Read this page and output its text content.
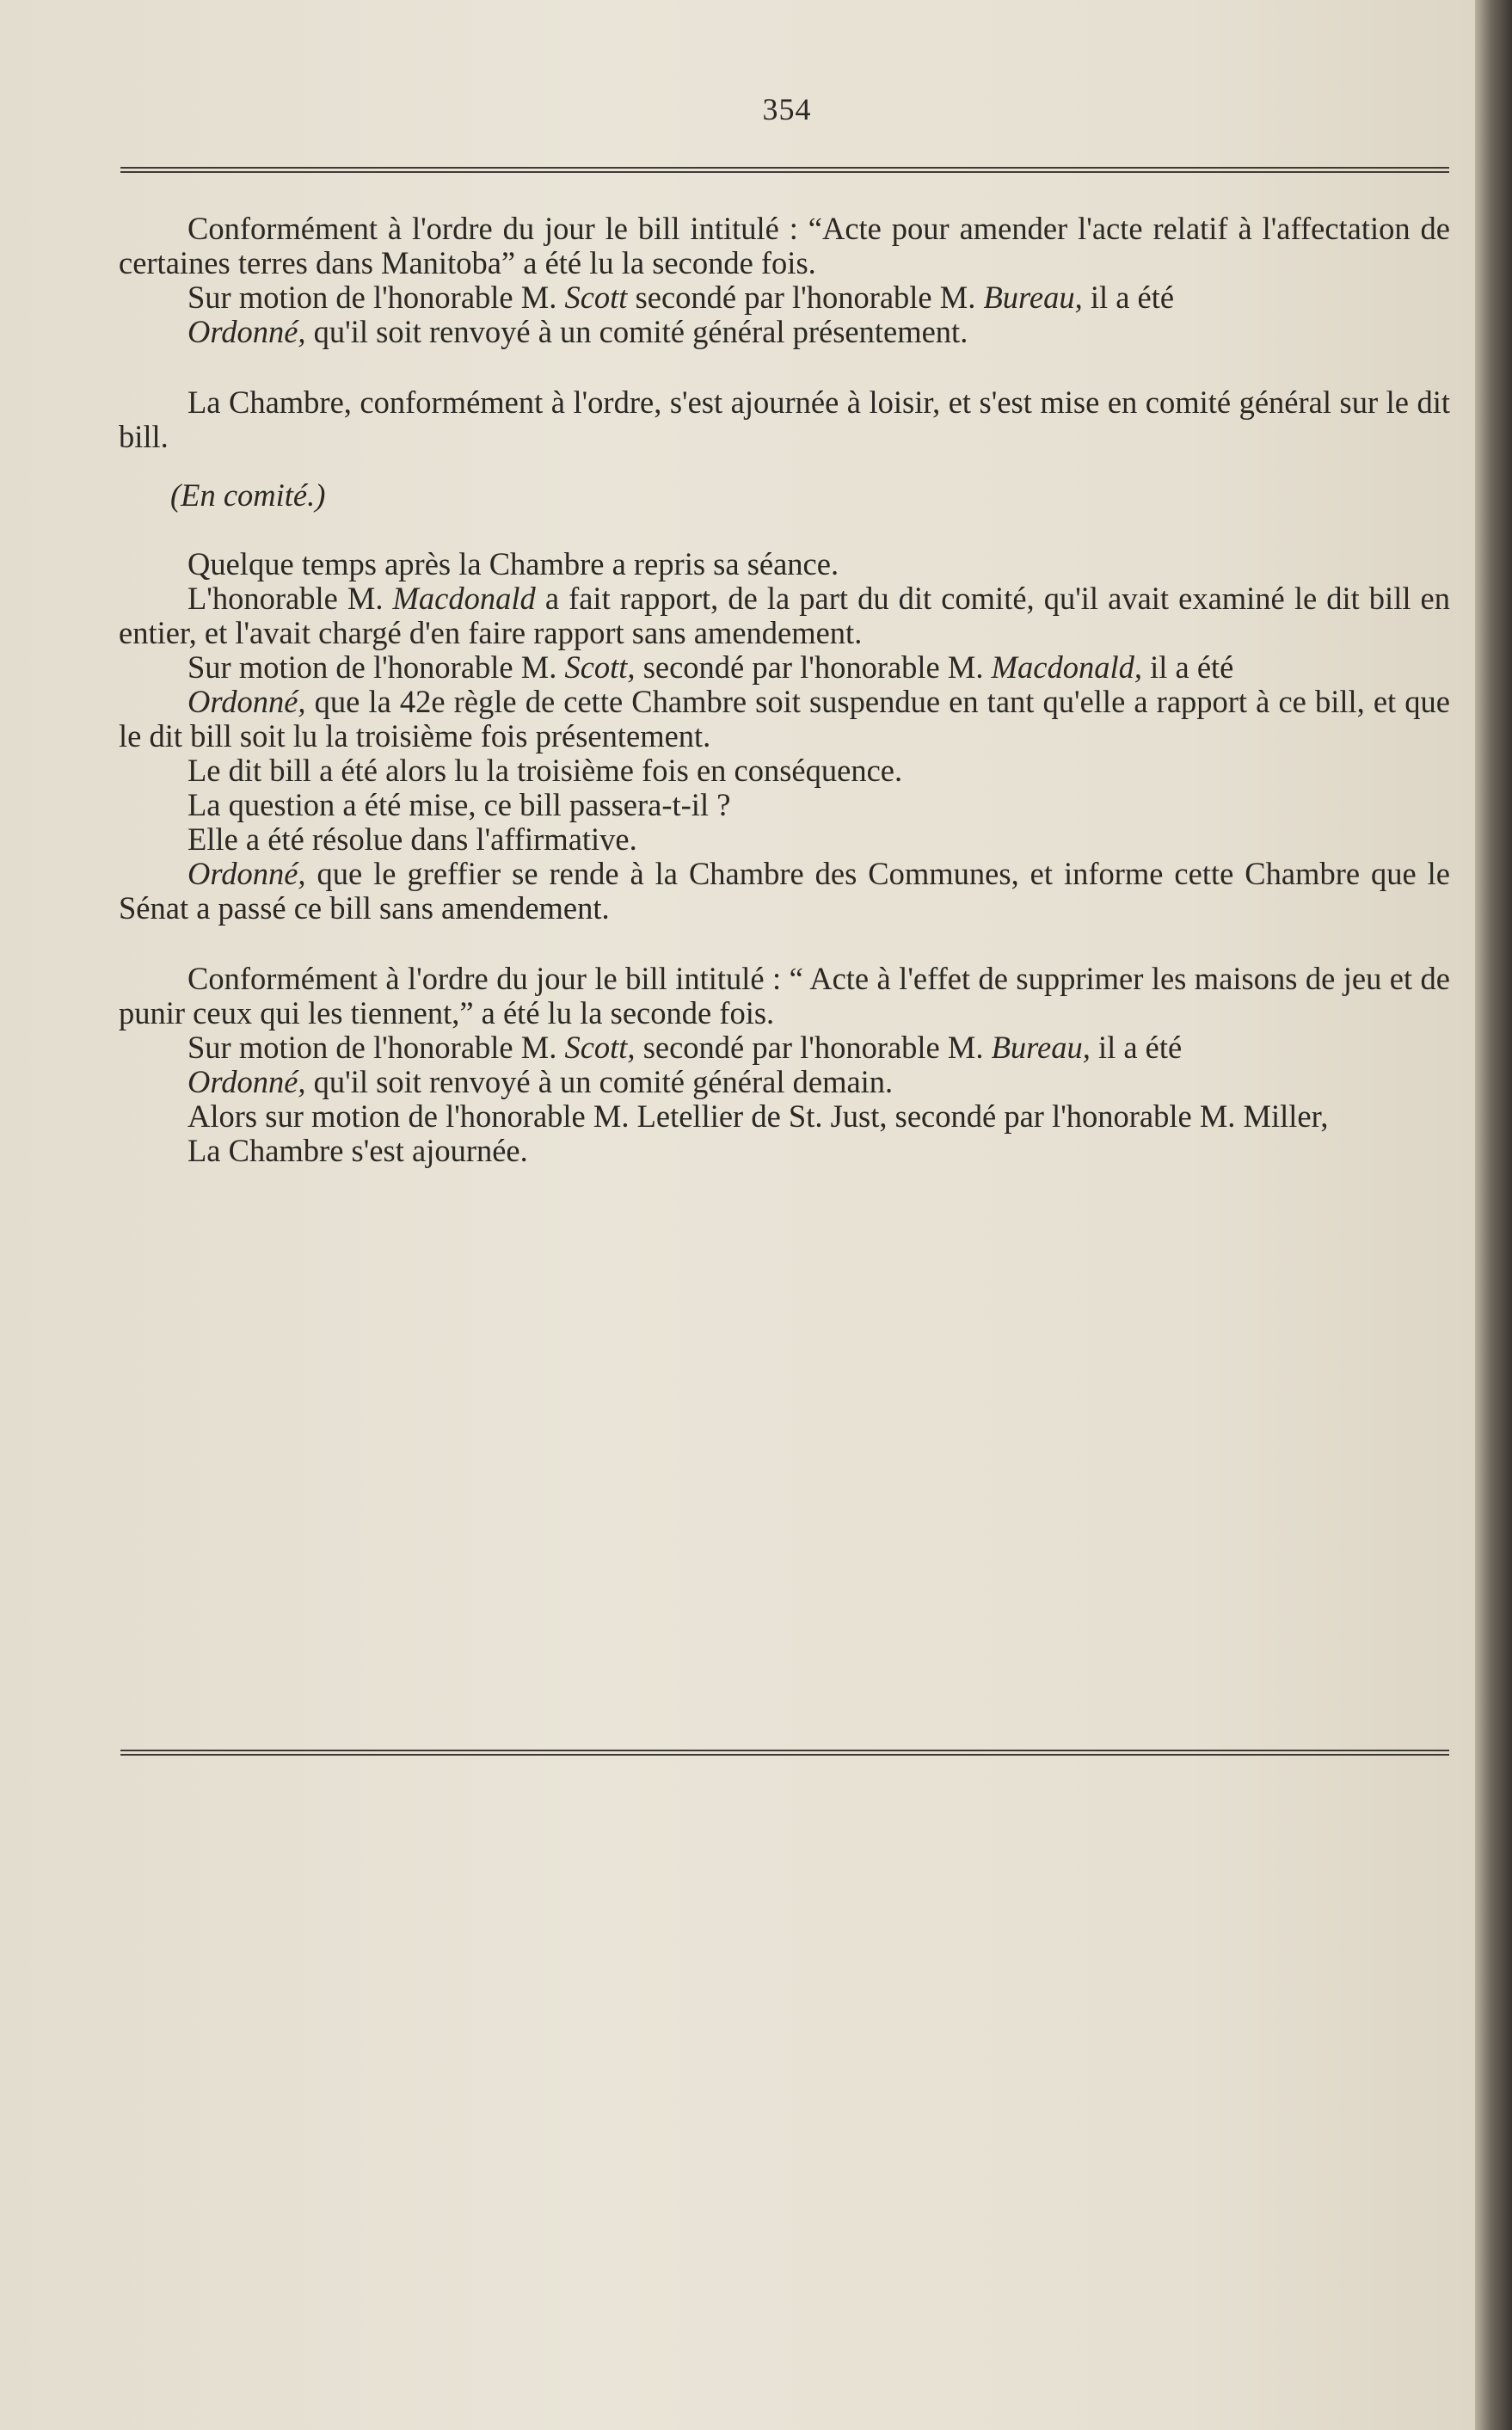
354

Conformément à l'ordre du jour le bill intitulé : “Acte pour amender l'acte relatif à l'affectation de certaines terres dans Manitoba” a été lu la seconde fois.

Sur motion de l'honorable M. Scott secondé par l'honorable M. Bureau, il a été

Ordonné, qu'il soit renvoyé à un comité général présentement.

La Chambre, conformément à l'ordre, s'est ajournée à loisir, et s'est mise en comité général sur le dit bill.

(En comité.)

Quelque temps après la Chambre a repris sa séance.

L'honorable M. Macdonald a fait rapport, de la part du dit comité, qu'il avait examiné le dit bill en entier, et l'avait chargé d'en faire rapport sans amendement.

Sur motion de l'honorable M. Scott, secondé par l'honorable M. Macdonald, il a été

Ordonné, que la 42e règle de cette Chambre soit suspendue en tant qu'elle a rapport à ce bill, et que le dit bill soit lu la troisième fois présentement.

Le dit bill a été alors lu la troisième fois en conséquence.

La question a été mise, ce bill passera-t-il ?

Elle a été résolue dans l'affirmative.

Ordonné, que le greffier se rende à la Chambre des Communes, et informe cette Chambre que le Sénat a passé ce bill sans amendement.

Conformément à l'ordre du jour le bill intitulé : “ Acte à l'effet de supprimer les maisons de jeu et de punir ceux qui les tiennent,” a été lu la seconde fois.

Sur motion de l'honorable M. Scott, secondé par l'honorable M. Bureau, il a été

Ordonné, qu'il soit renvoyé à un comité général demain.

Alors sur motion de l'honorable M. Letellier de St. Just, secondé par l'honorable M. Miller,

La Chambre s'est ajournée.
